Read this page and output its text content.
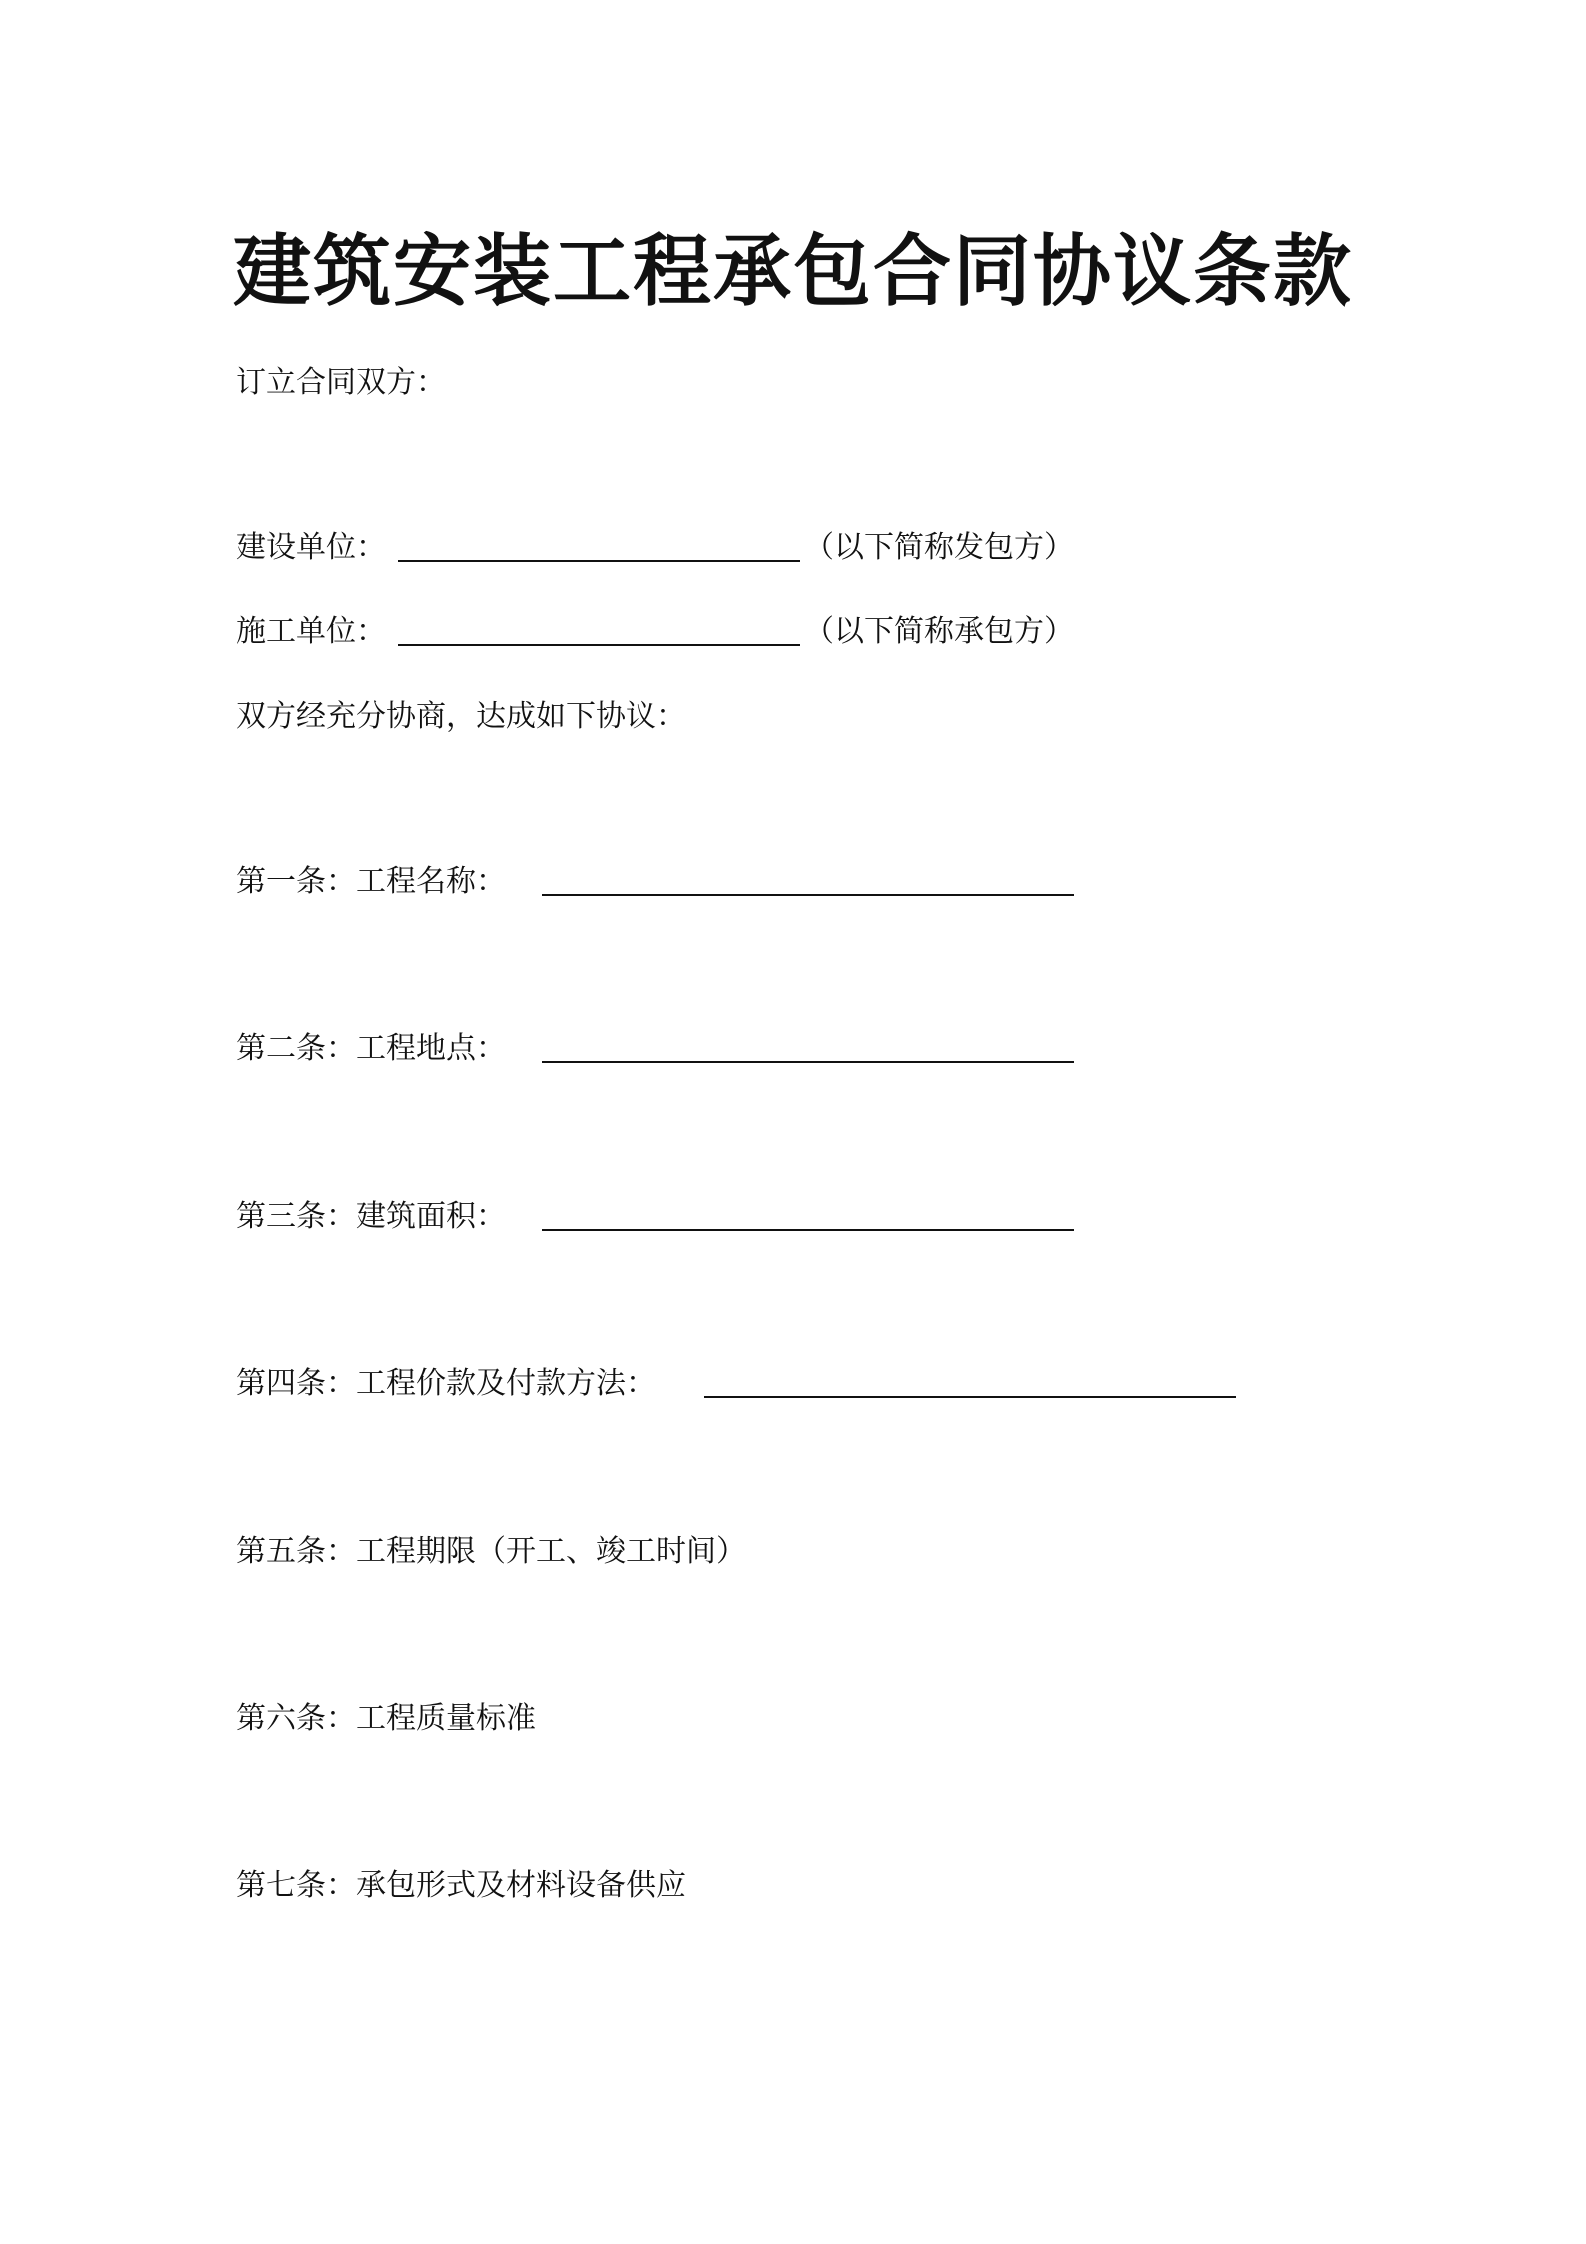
建筑安装工程承包合同协议条款
订立合同双方：
建设单位：	（以下简称发包方）
施工单位：	（以下简称承包方）
双方经充分协商，达成如下协议：
第一条：工程名称：
第二条：工程地点：
第三条：建筑面积：
第四条：工程价款及付款方法：
第五条：工程期限（开工、竣工时间）
第六条：工程质量标准
第七条：承包形式及材料设备供应
